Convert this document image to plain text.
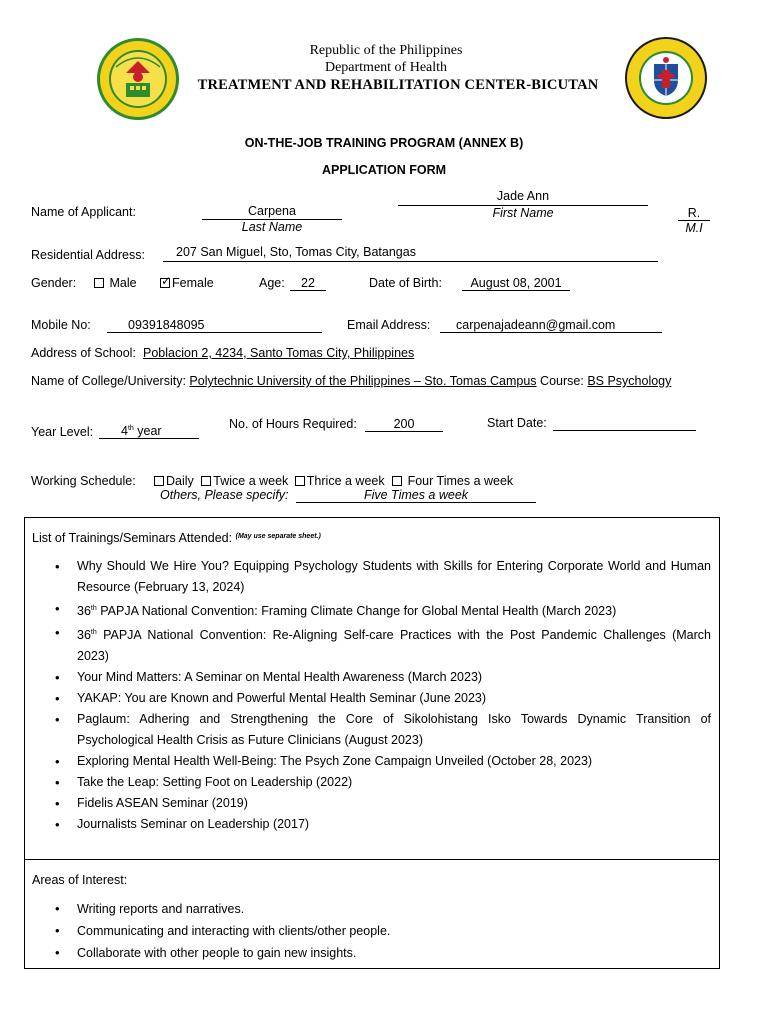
Republic of the Philippines
Department of Health
TREATMENT AND REHABILITATION CENTER-BICUTAN
ON-THE-JOB TRAINING PROGRAM (ANNEX B)
APPLICATION FORM
Name of Applicant:
Jade Ann
First Name
Carpena
Last Name
R.
M.I
Residential Address: 207 San Miguel, Sto, Tomas City, Batangas
Gender:	Male
✓	Female	Age:	22	Date of Birth:	August 08, 2001
Mobile No:	09391848095	Email Address: carpenajadeann@gmail.com
Address of School: Poblacion 2, 4234, Santo Tomas City, Philippines
Name of College/University: Polytechnic University of the Philippines – Sto. Tomas Campus Course: BS Psychology
Year Level: 4th year	No. of Hours Required:	200	Start Date:
Working Schedule:	Daily Twice a week Thrice a week Four Times a week
Others, Please specify:	Five Times a week
List of Trainings/Seminars Attended: $^{(May use separate sheet.)}$
• Why Should We Hire You? Equipping Psychology Students with Skills for Entering Corporate World and Human Resource (February 13, 2024)
• 36th PAPJA National Convention: Framing Climate Change for Global Mental Health (March 2023)
• 36th PAPJA National Convention: Re-Aligning Self-care Practices with the Post Pandemic Challenges (March 2023)
• Your Mind Matters: A Seminar on Mental Health Awareness (March 2023)
• YAKAP: You are Known and Powerful Mental Health Seminar (June 2023)
• Paglaum: Adhering and Strengthening the Core of Sikolohistang Isko Towards Dynamic Transition of Psychological Health Crisis as Future Clinicians (August 2023)
• Exploring Mental Health Well-Being: The Psych Zone Campaign Unveiled (October 28, 2023)
• Take the Leap: Setting Foot on Leadership (2022)
• Fidelis ASEAN Seminar (2019)
• Journalists Seminar on Leadership (2017)
Areas of Interest:
• Writing reports and narratives.
• Communicating and interacting with clients/other people.
• Collaborate with other people to gain new insights.
